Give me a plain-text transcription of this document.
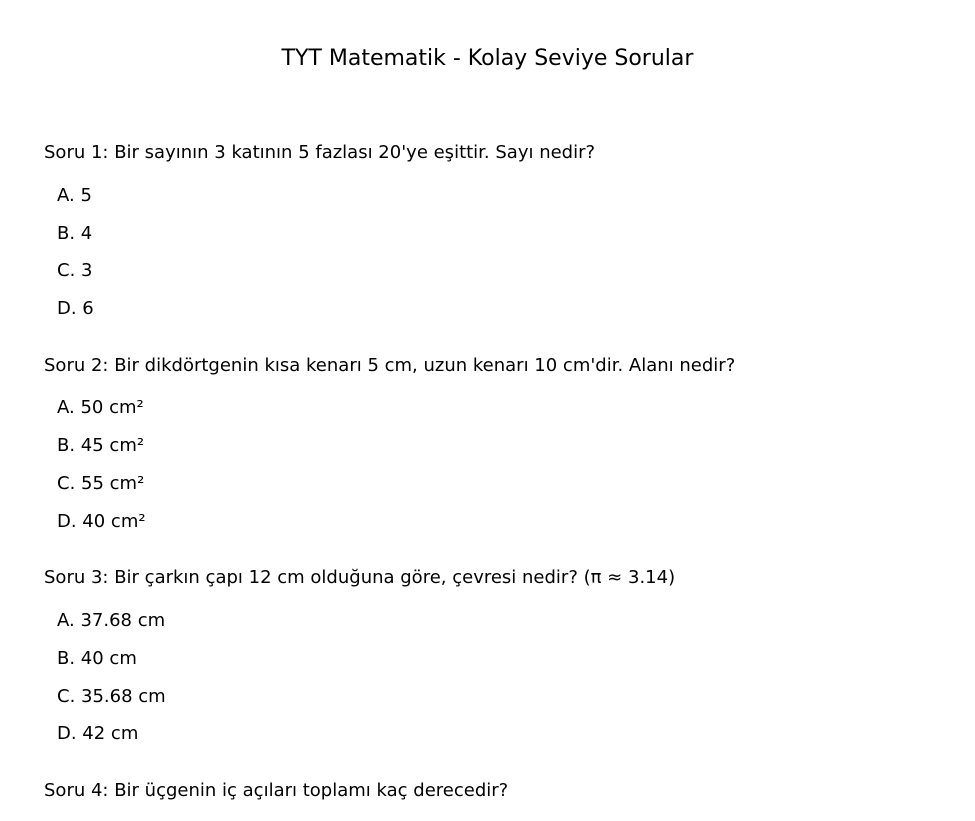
TYT Matematik - Kolay Seviye Sorular
Soru 1: Bir sayının 3 katının 5 fazlası 20'ye eşittir. Sayı nedir?
A. 5
B. 4
C. 3
D. 6
Soru 2: Bir dikdörtgenin kısa kenarı 5 cm, uzun kenarı 10 cm'dir. Alanı nedir?
A. 50 cm²
B. 45 cm²
C. 55 cm²
D. 40 cm²
Soru 3: Bir çarkın çapı 12 cm olduğuna göre, çevresi nedir? (π ≈ 3.14)
A. 37.68 cm
B. 40 cm
C. 35.68 cm
D. 42 cm
Soru 4: Bir üçgenin iç açıları toplamı kaç derecedir?
